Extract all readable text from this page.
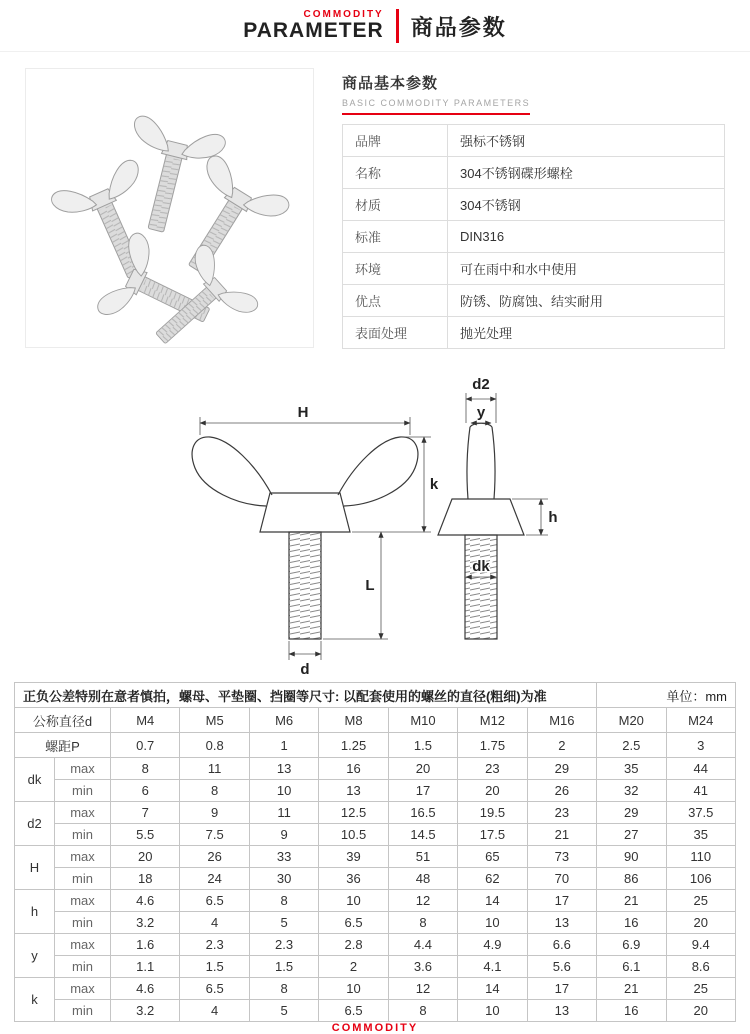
COMMODITY
PARAMETER 商品参数
商品基本参数
BASIC COMMODITY PARAMETERS
品牌	强标不锈钢
名称	304不锈钢碟形螺栓
材质	304不锈钢
标准	DIN316
环境	可在雨中和水中使用
优点	防锈、防腐蚀、结实耐用
表面处理	抛光处理
H
k
L
d
d2
y
h
dk
正负公差特别在意者慎拍，螺母、平垫圈、挡圈等尺寸: 以配套使用的螺丝的直径(粗细)为准									单位：mm	
公称直径d		M4	M5	M6	M8	M10	M12	M16	M20	M24
螺距P		0.7	0.8	1	1.25	1.5	1.75	2	2.5	3
dk	max	8	11	13	16	20	23	29	35	44
	min	6	8	10	13	17	20	26	32	41
d2	max	7	9	11	12.5	16.5	19.5	23	29	37.5
	min	5.5	7.5	9	10.5	14.5	17.5	21	27	35
H	max	20	26	33	39	51	65	73	90	110
	min	18	24	30	36	48	62	70	86	106
h	max	4.6	6.5	8	10	12	14	17	21	25
	min	3.2	4	5	6.5	8	10	13	16	20
y	max	1.6	2.3	2.3	2.8	4.4	4.9	6.6	6.9	9.4
	min	1.1	1.5	1.5	2	3.6	4.1	5.6	6.1	8.6
k	max	4.6	6.5	8	10	12	14	17	21	25
	min	3.2	4	5	6.5	8	10	13	16	20
COMMODITY
